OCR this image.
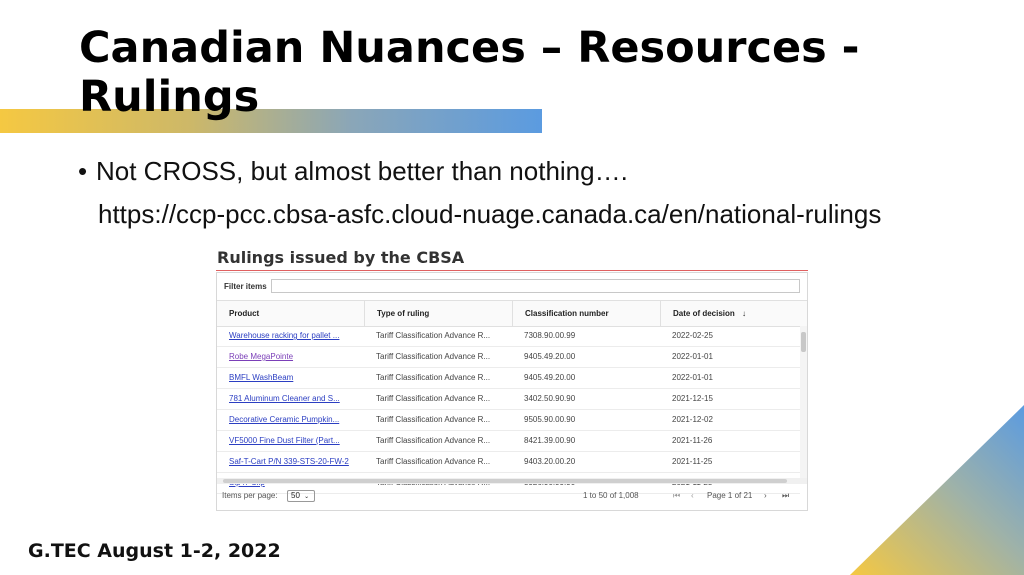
Canadian Nuances – Resources - Rulings
• Not CROSS, but almost better than nothing….
https://ccp-pcc.cbsa-asfc.cloud-nuage.canada.ca/en/national-rulings
Rulings issued by the CBSA
Filter items
Product	Type of ruling	Classification number	Date of decision ↓
Warehouse racking for pallet ...	Tariff Classification Advance R...	7308.90.00.99	2022-02-25
Robe MegaPointe	Tariff Classification Advance R...	9405.49.20.00	2022-01-01
BMFL WashBeam	Tariff Classification Advance R...	9405.49.20.00	2022-01-01
781 Aluminum Cleaner and S...	Tariff Classification Advance R...	3402.50.90.90	2021-12-15
Decorative Ceramic Pumpkin...	Tariff Classification Advance R...	9505.90.00.90	2021-12-02
VF5000 Fine Dust Filter (Part...	Tariff Classification Advance R...	8421.39.00.90	2021-11-26
Saf-T-Cart P/N 339-STS-20-FW-2	Tariff Classification Advance R...	9403.20.00.20	2021-11-25
Items per page:	50 ⌄	1 to 50 of 1,008	⏮ ‹ Page 1 of 21 › ⏭
G.TEC August 1-2, 2022
